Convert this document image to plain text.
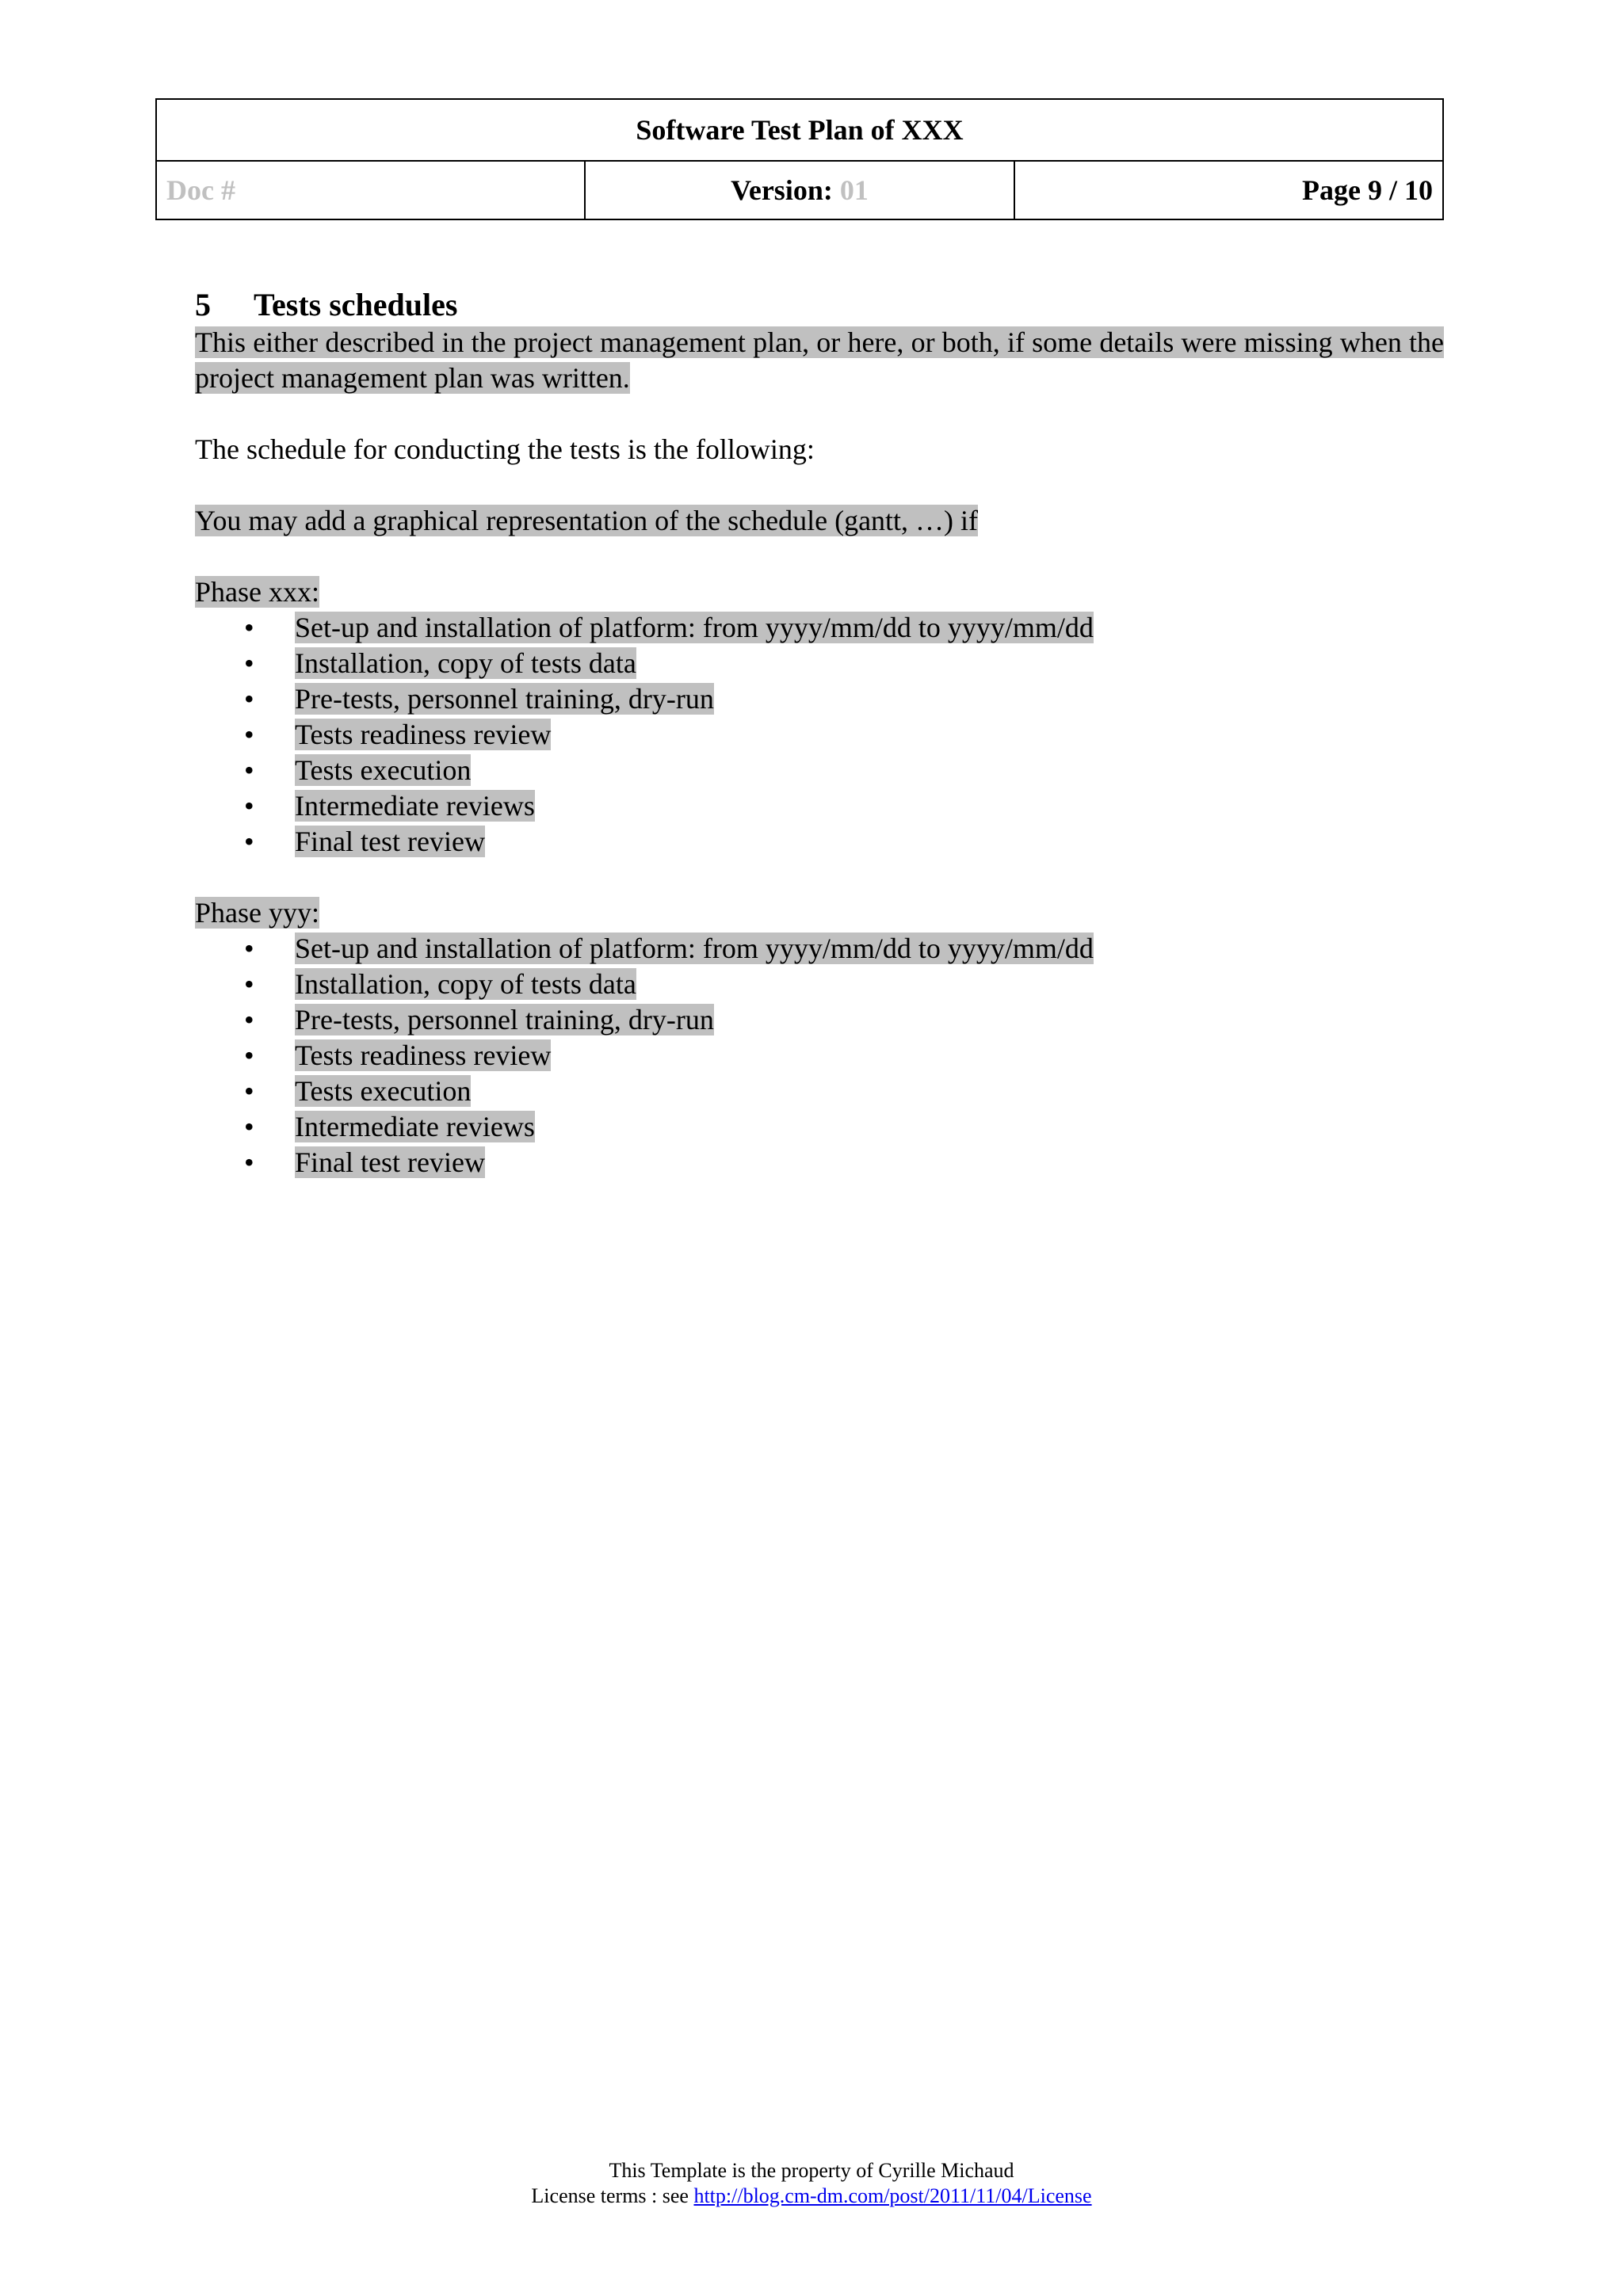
Software Test Plan of XXX
Doc #	Version: 01	Page 9 / 10
5	Tests schedules

This either described in the project management plan, or here, or both, if some details were missing when the project management plan was written.

The schedule for conducting the tests is the following:

You may add a graphical representation of the schedule (gantt, …) if

Phase xxx:

• Set-up and installation of platform: from yyyy/mm/dd to yyyy/mm/dd
• Installation, copy of tests data
• Pre-tests, personnel training, dry-run
• Tests readiness review
• Tests execution
• Intermediate reviews
• Final test review

Phase yyy:

• Set-up and installation of platform: from yyyy/mm/dd to yyyy/mm/dd
• Installation, copy of tests data
• Pre-tests, personnel training, dry-run
• Tests readiness review
• Tests execution
• Intermediate reviews
• Final test review
This Template is the property of Cyrille Michaud
License terms : see http://blog.cm-dm.com/post/2011/11/04/License
